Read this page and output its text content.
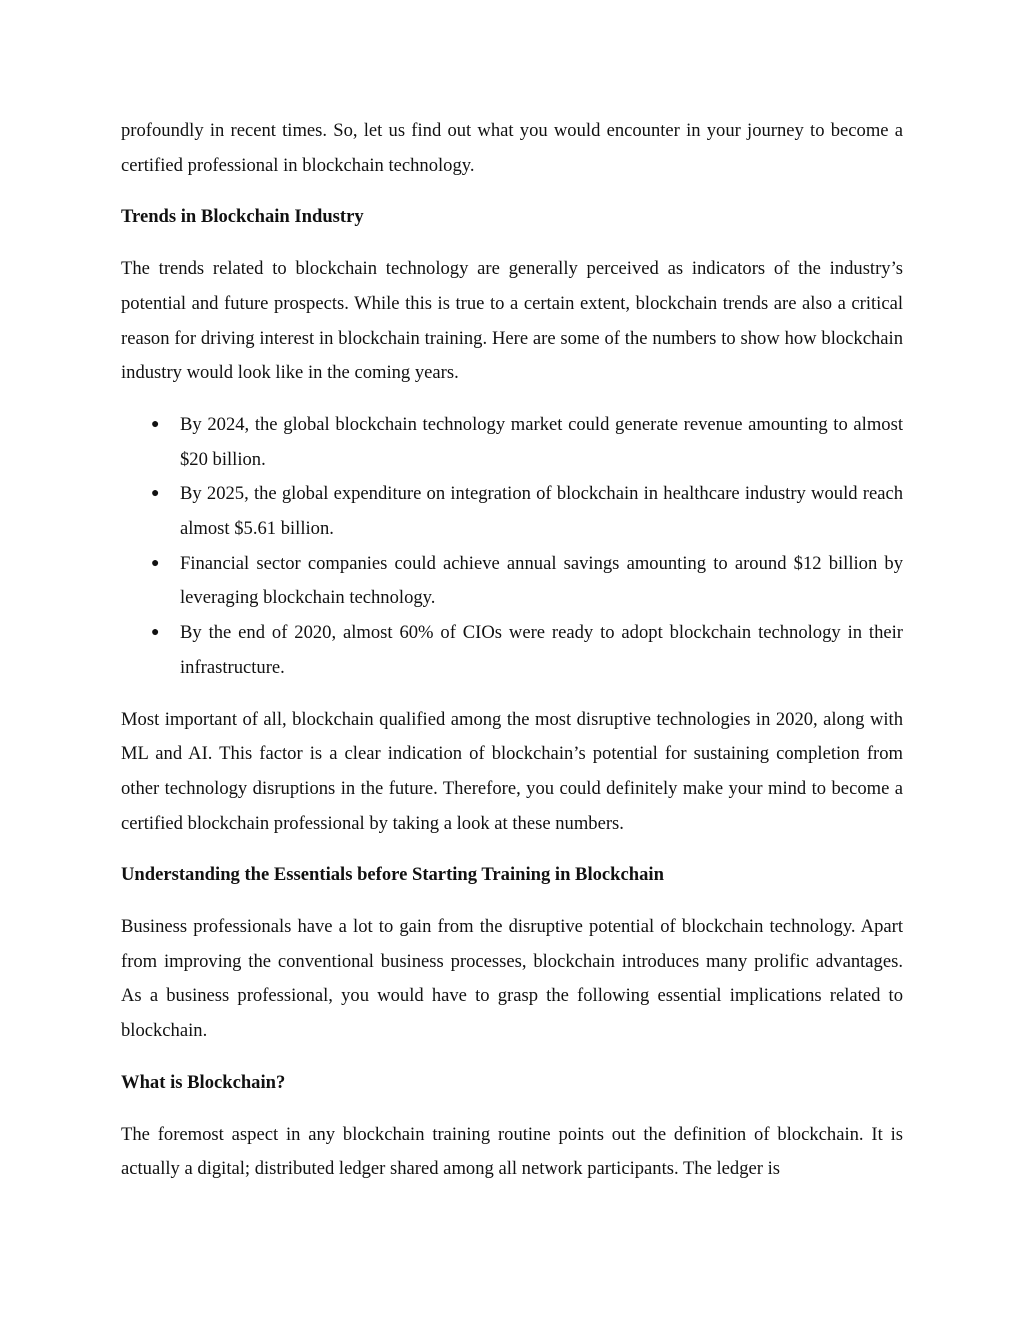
profoundly in recent times. So, let us find out what you would encounter in your journey to become a certified professional in blockchain technology.

Trends in Blockchain Industry

The trends related to blockchain technology are generally perceived as indicators of the industry’s potential and future prospects. While this is true to a certain extent, blockchain trends are also a critical reason for driving interest in blockchain training. Here are some of the numbers to show how blockchain industry would look like in the coming years.

● By 2024, the global blockchain technology market could generate revenue amounting to almost $20 billion.
● By 2025, the global expenditure on integration of blockchain in healthcare industry would reach almost $5.61 billion.
● Financial sector companies could achieve annual savings amounting to around $12 billion by leveraging blockchain technology.
● By the end of 2020, almost 60% of CIOs were ready to adopt blockchain technology in their infrastructure.

Most important of all, blockchain qualified among the most disruptive technologies in 2020, along with ML and AI. This factor is a clear indication of blockchain’s potential for sustaining completion from other technology disruptions in the future. Therefore, you could definitely make your mind to become a certified blockchain professional by taking a look at these numbers.

Understanding the Essentials before Starting Training in Blockchain

Business professionals have a lot to gain from the disruptive potential of blockchain technology. Apart from improving the conventional business processes, blockchain introduces many prolific advantages. As a business professional, you would have to grasp the following essential implications related to blockchain.

What is Blockchain?

The foremost aspect in any blockchain training routine points out the definition of blockchain. It is actually a digital; distributed ledger shared among all network participants. The ledger is
